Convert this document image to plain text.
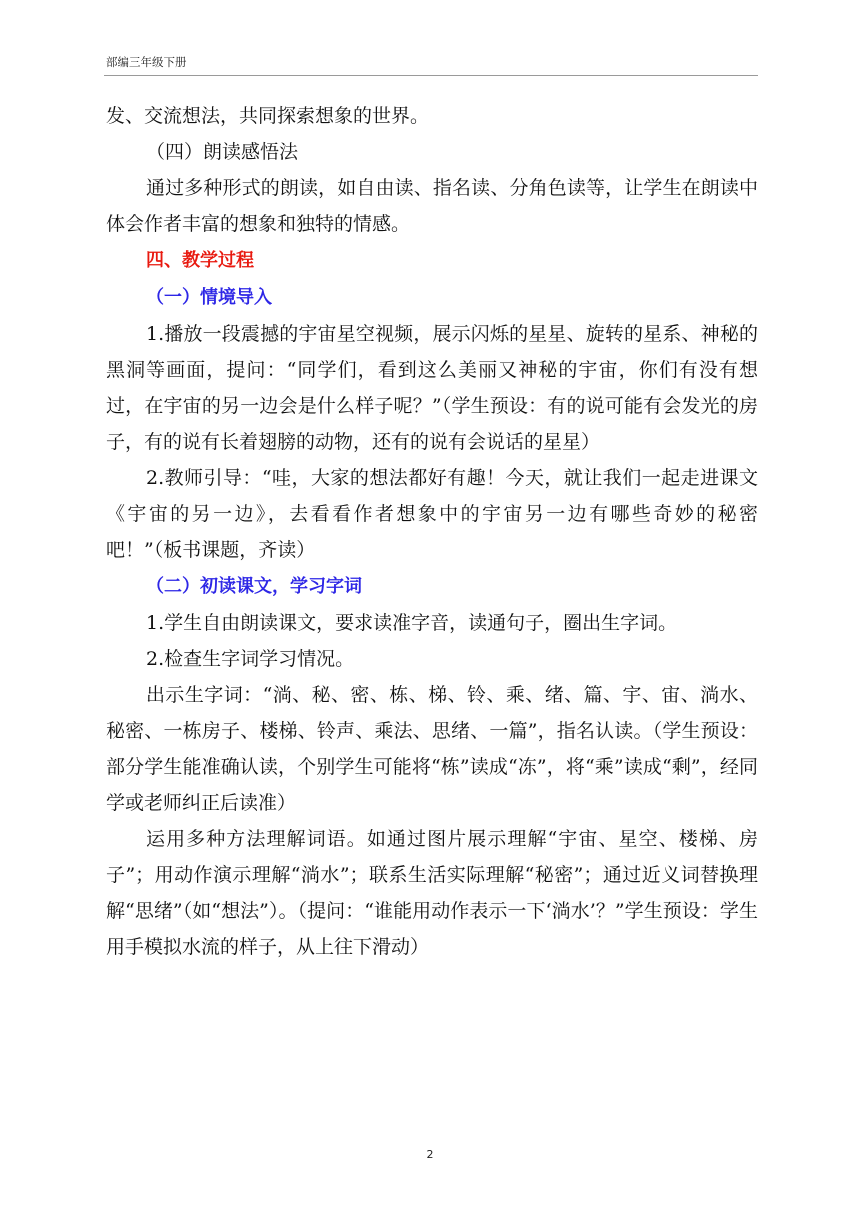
部编三年级下册

发、交流想法，共同探索想象的世界。

（四）朗读感悟法

通过多种形式的朗读，如自由读、指名读、分角色读等，让学生在朗读中体会作者丰富的想象和独特的情感。

四、教学过程

（一）情境导入

1.播放一段震撼的宇宙星空视频，展示闪烁的星星、旋转的星系、神秘的黑洞等画面，提问：“同学们，看到这么美丽又神秘的宇宙，你们有没有想过，在宇宙的另一边会是什么样子呢？”（学生预设：有的说可能有会发光的房子，有的说有长着翅膀的动物，还有的说有会说话的星星）

2.教师引导：“哇，大家的想法都好有趣！今天，就让我们一起走进课文《宇宙的另一边》，去看看作者想象中的宇宙另一边有哪些奇妙的秘密吧！”（板书课题，齐读）

（二）初读课文，学习字词

1.学生自由朗读课文，要求读准字音，读通句子，圈出生字词。

2.检查生字词学习情况。

出示生字词：“淌、秘、密、栋、梯、铃、乘、绪、篇、宇、宙、淌水、秘密、一栋房子、楼梯、铃声、乘法、思绪、一篇”，指名认读。（学生预设：部分学生能准确认读，个别学生可能将“栋”读成“冻”，将“乘”读成“剩”，经同学或老师纠正后读准）

运用多种方法理解词语。如通过图片展示理解“宇宙、星空、楼梯、房子”；用动作演示理解“淌水”；联系生活实际理解“秘密”；通过近义词替换理解“思绪”（如“想法”）。（提问：“谁能用动作表示一下‘淌水’？”学生预设：学生用手模拟水流的样子，从上往下滑动）

2
